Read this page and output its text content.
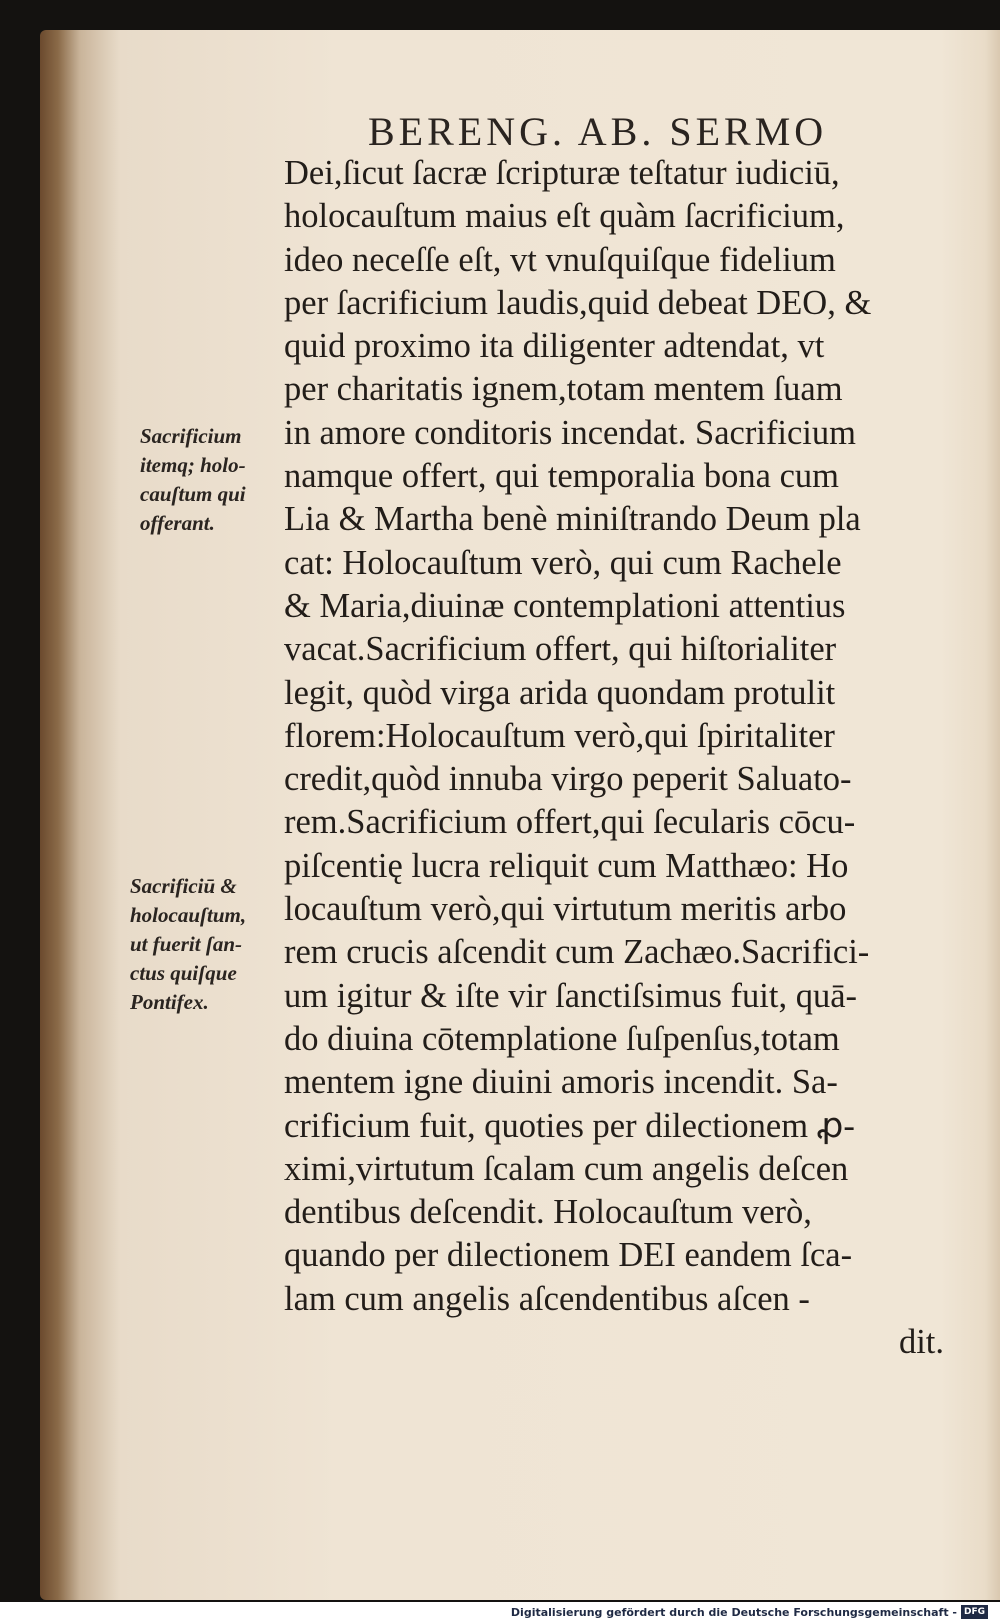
BERENG. AB. SERMO
Dei,ſicut ſacræ ſcripturæ teſtatur iudiciū,
holocauſtum maius eſt quàm ſacrificium,
ideo neceſſe eſt, vt vnuſquiſque fidelium
per ſacrificium laudis,quid debeat DEO, &
quid proximo ita diligenter adtendat, vt
per charitatis ignem,totam mentem ſuam
in amore conditoris incendat. Sacrificium
namque offert, qui temporalia bona cum
Lia & Martha benè miniſtrando Deum pla
cat: Holocauſtum verò, qui cum Rachele
& Maria,diuinæ contemplationi attentius
vacat.Sacrificium offert, qui hiſtorialiter
legit, quòd virga arida quondam protulit
florem:Holocauſtum verò,qui ſpiritaliter
credit,quòd innuba virgo peperit Saluato-
rem.Sacrificium offert,qui ſecularis cōcu-
piſcentię lucra reliquit cum Matthæo: Ho
locauſtum verò,qui virtutum meritis arbo
rem crucis aſcendit cum Zachæo.Sacrifici-
um igitur & iſte vir ſanctiſsimus fuit, quā-
do diuina cōtemplatione ſuſpenſus,totam
mentem igne diuini amoris incendit. Sa-
crificium fuit, quoties per dilectionem ꝓ-
ximi,virtutum ſcalam cum angelis deſcen
dentibus deſcendit. Holocauſtum verò,
quando per dilectionem DEI eandem ſca-
lam cum angelis aſcendentibus aſcen -
dit.
Sacrificium
itemq; holo-
cauſtum qui
offerant.
Sacrificiū &
holocauſtum,
ut fuerit ſan-
ctus quiſque
Pontifex.
Digitalisierung gefördert durch die Deutsche Forschungsgemeinschaft - DFG
